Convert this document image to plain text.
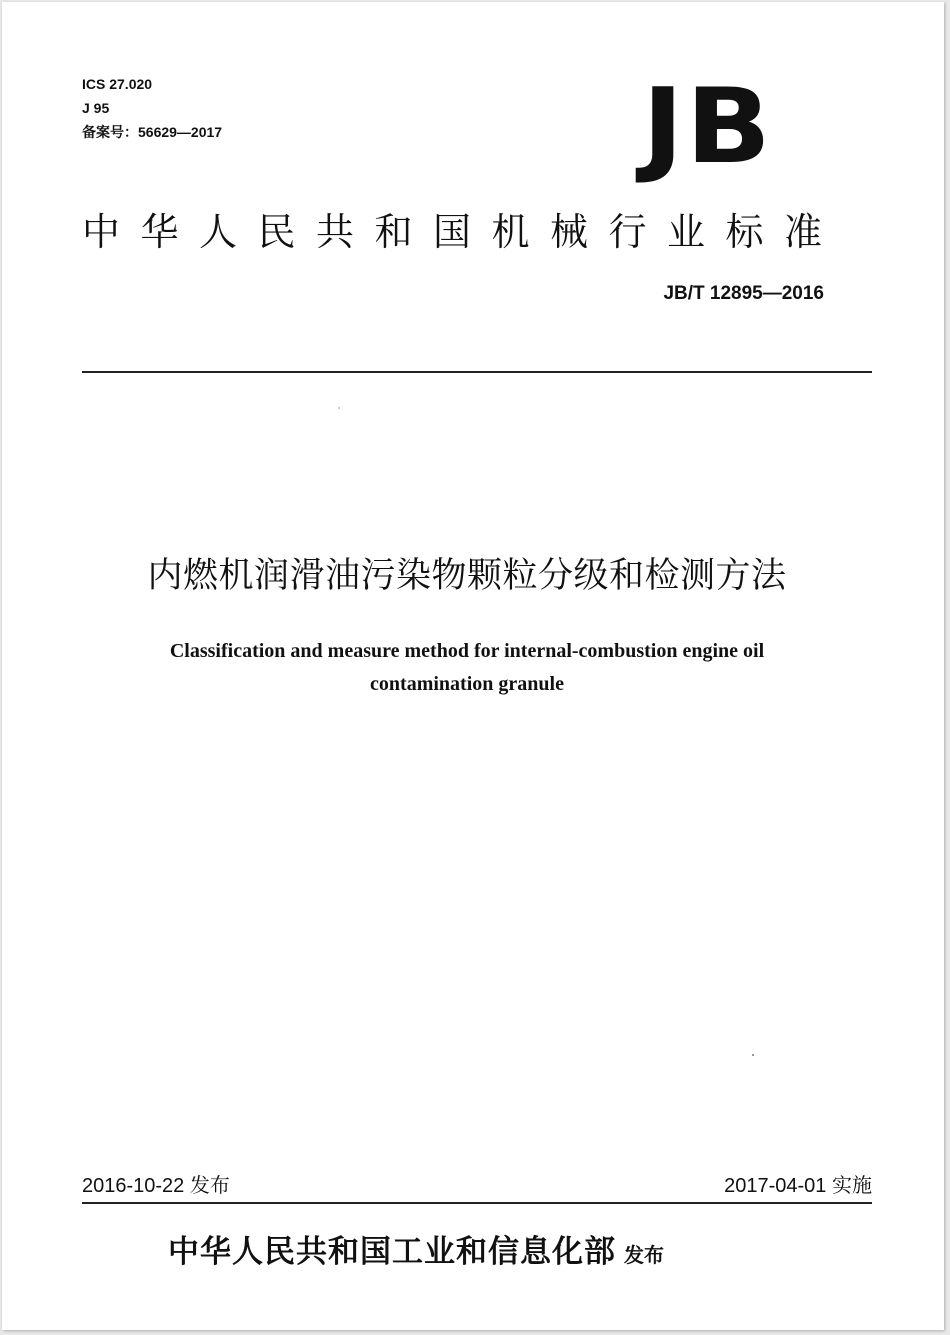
ICS 27.020
J 95
备案号：56629—2017	JB
中华人民共和国机械行业标准
JB/T 12895—2016
内燃机润滑油污染物颗粒分级和检测方法
Classification and measure method for internal-combustion engine oil
contamination granule
2016-10-22 发布	2017-04-01 实施
中华人民共和国工业和信息化部 发布
